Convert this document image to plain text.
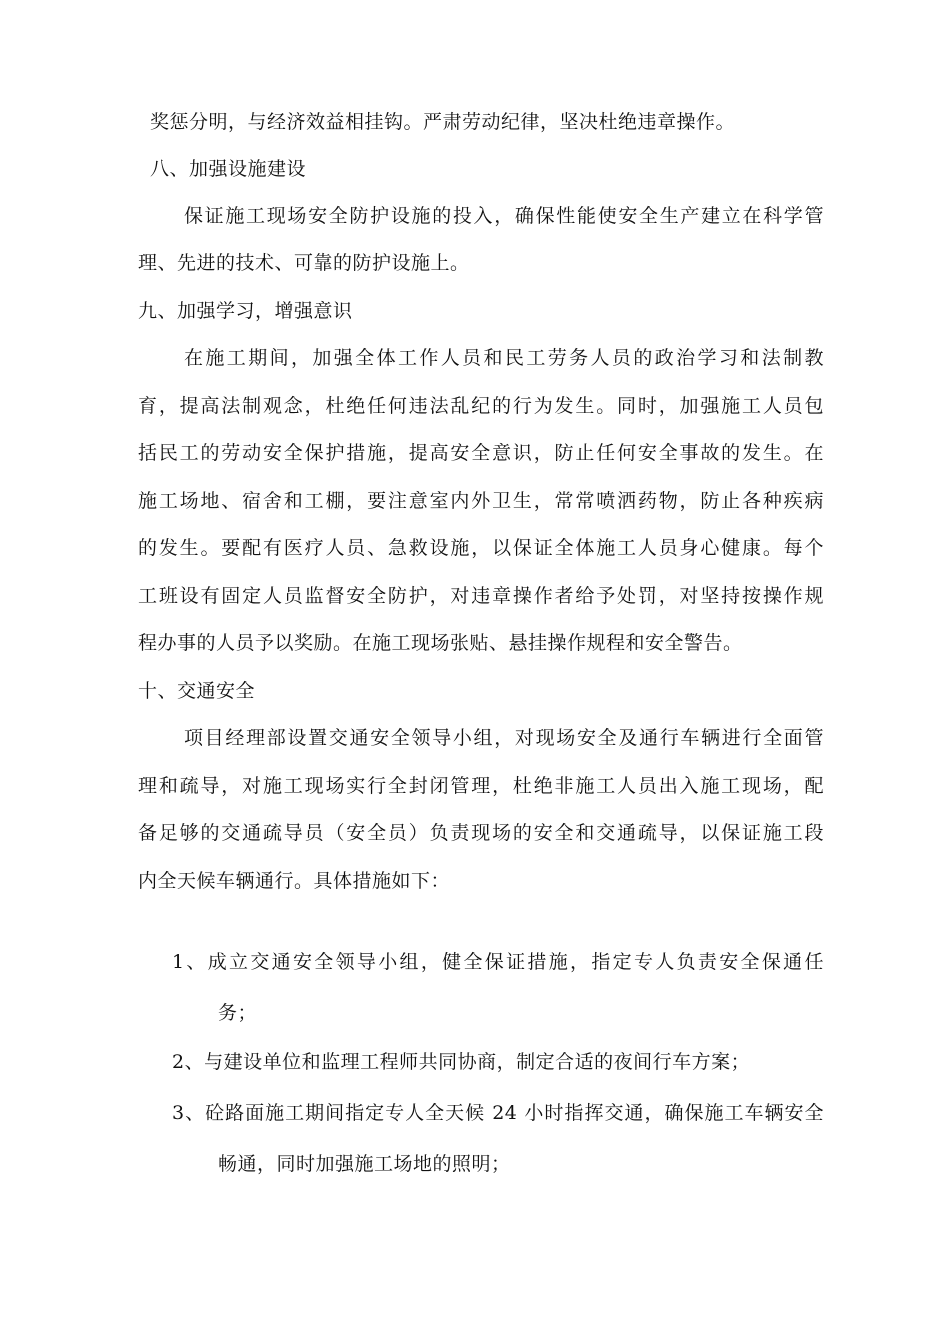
奖惩分明，与经济效益相挂钩。严肃劳动纪律，坚决杜绝违章操作。
八、加强设施建设
保证施工现场安全防护设施的投入，确保性能使安全生产建立在科学管
理、先进的技术、可靠的防护设施上。
九、加强学习，增强意识
在施工期间，加强全体工作人员和民工劳务人员的政治学习和法制教
育，提高法制观念，杜绝任何违法乱纪的行为发生。同时，加强施工人员包
括民工的劳动安全保护措施，提高安全意识，防止任何安全事故的发生。在
施工场地、宿舍和工棚，要注意室内外卫生，常常喷洒药物，防止各种疾病
的发生。要配有医疗人员、急救设施，以保证全体施工人员身心健康。每个
工班设有固定人员监督安全防护，对违章操作者给予处罚，对坚持按操作规
程办事的人员予以奖励。在施工现场张贴、悬挂操作规程和安全警告。
十、交通安全
项目经理部设置交通安全领导小组，对现场安全及通行车辆进行全面管
理和疏导，对施工现场实行全封闭管理，杜绝非施工人员出入施工现场，配
备足够的交通疏导员（安全员）负责现场的安全和交通疏导，以保证施工段
内全天候车辆通行。具体措施如下：
1、成立交通安全领导小组，健全保证措施，指定专人负责安全保通任
务；
2、与建设单位和监理工程师共同协商，制定合适的夜间行车方案；
3、砼路面施工期间指定专人全天候 24 小时指挥交通，确保施工车辆安全
畅通，同时加强施工场地的照明；
